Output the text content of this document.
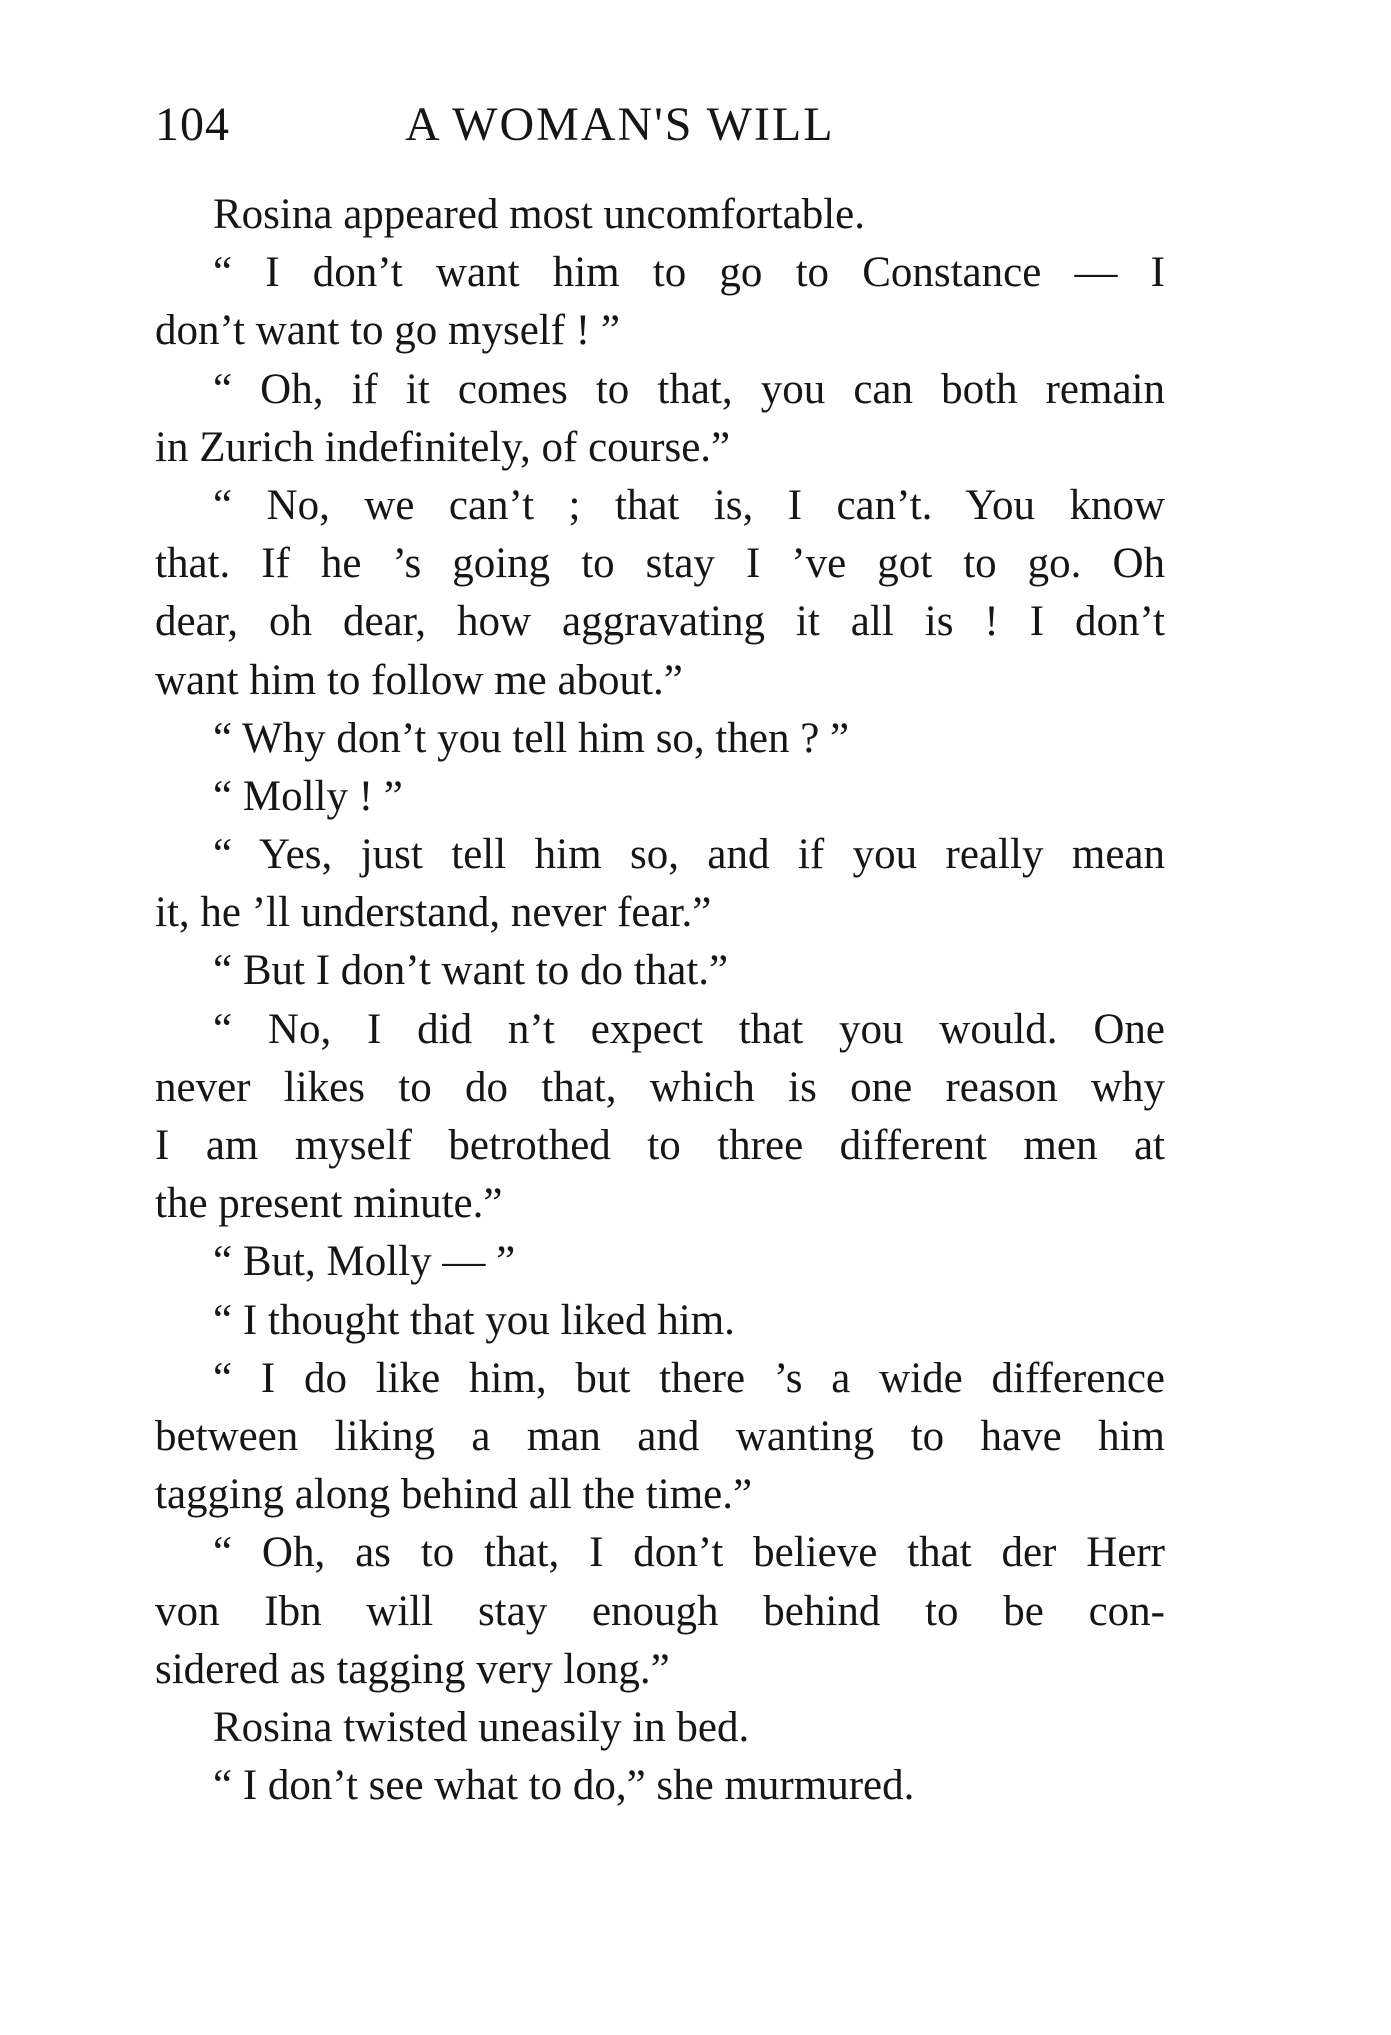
104	A WOMAN'S WILL
Rosina appeared most uncomfortable.
“ I don’t want him to go to Constance — I
don’t want to go myself ! ”
“ Oh, if it comes to that, you can both remain
in Zurich indefinitely, of course.”
“ No, we can’t ; that is, I can’t. You know
that. If he ’s going to stay I ’ve got to go. Oh
dear, oh dear, how aggravating it all is ! I don’t
want him to follow me about.”
“ Why don’t you tell him so, then ? ”
“ Molly ! ”
“ Yes, just tell him so, and if you really mean
it, he ’ll understand, never fear.”
“ But I don’t want to do that.”
“ No, I did n’t expect that you would. One
never likes to do that, which is one reason why
I am myself betrothed to three different men at
the present minute.”
“ But, Molly — ”
“ I thought that you liked him.
“ I do like him, but there ’s a wide difference
between liking a man and wanting to have him
tagging along behind all the time.”
“ Oh, as to that, I don’t believe that der Herr
von Ibn will stay enough behind to be con-
sidered as tagging very long.”
Rosina twisted uneasily in bed.
“ I don’t see what to do,” she murmured.
